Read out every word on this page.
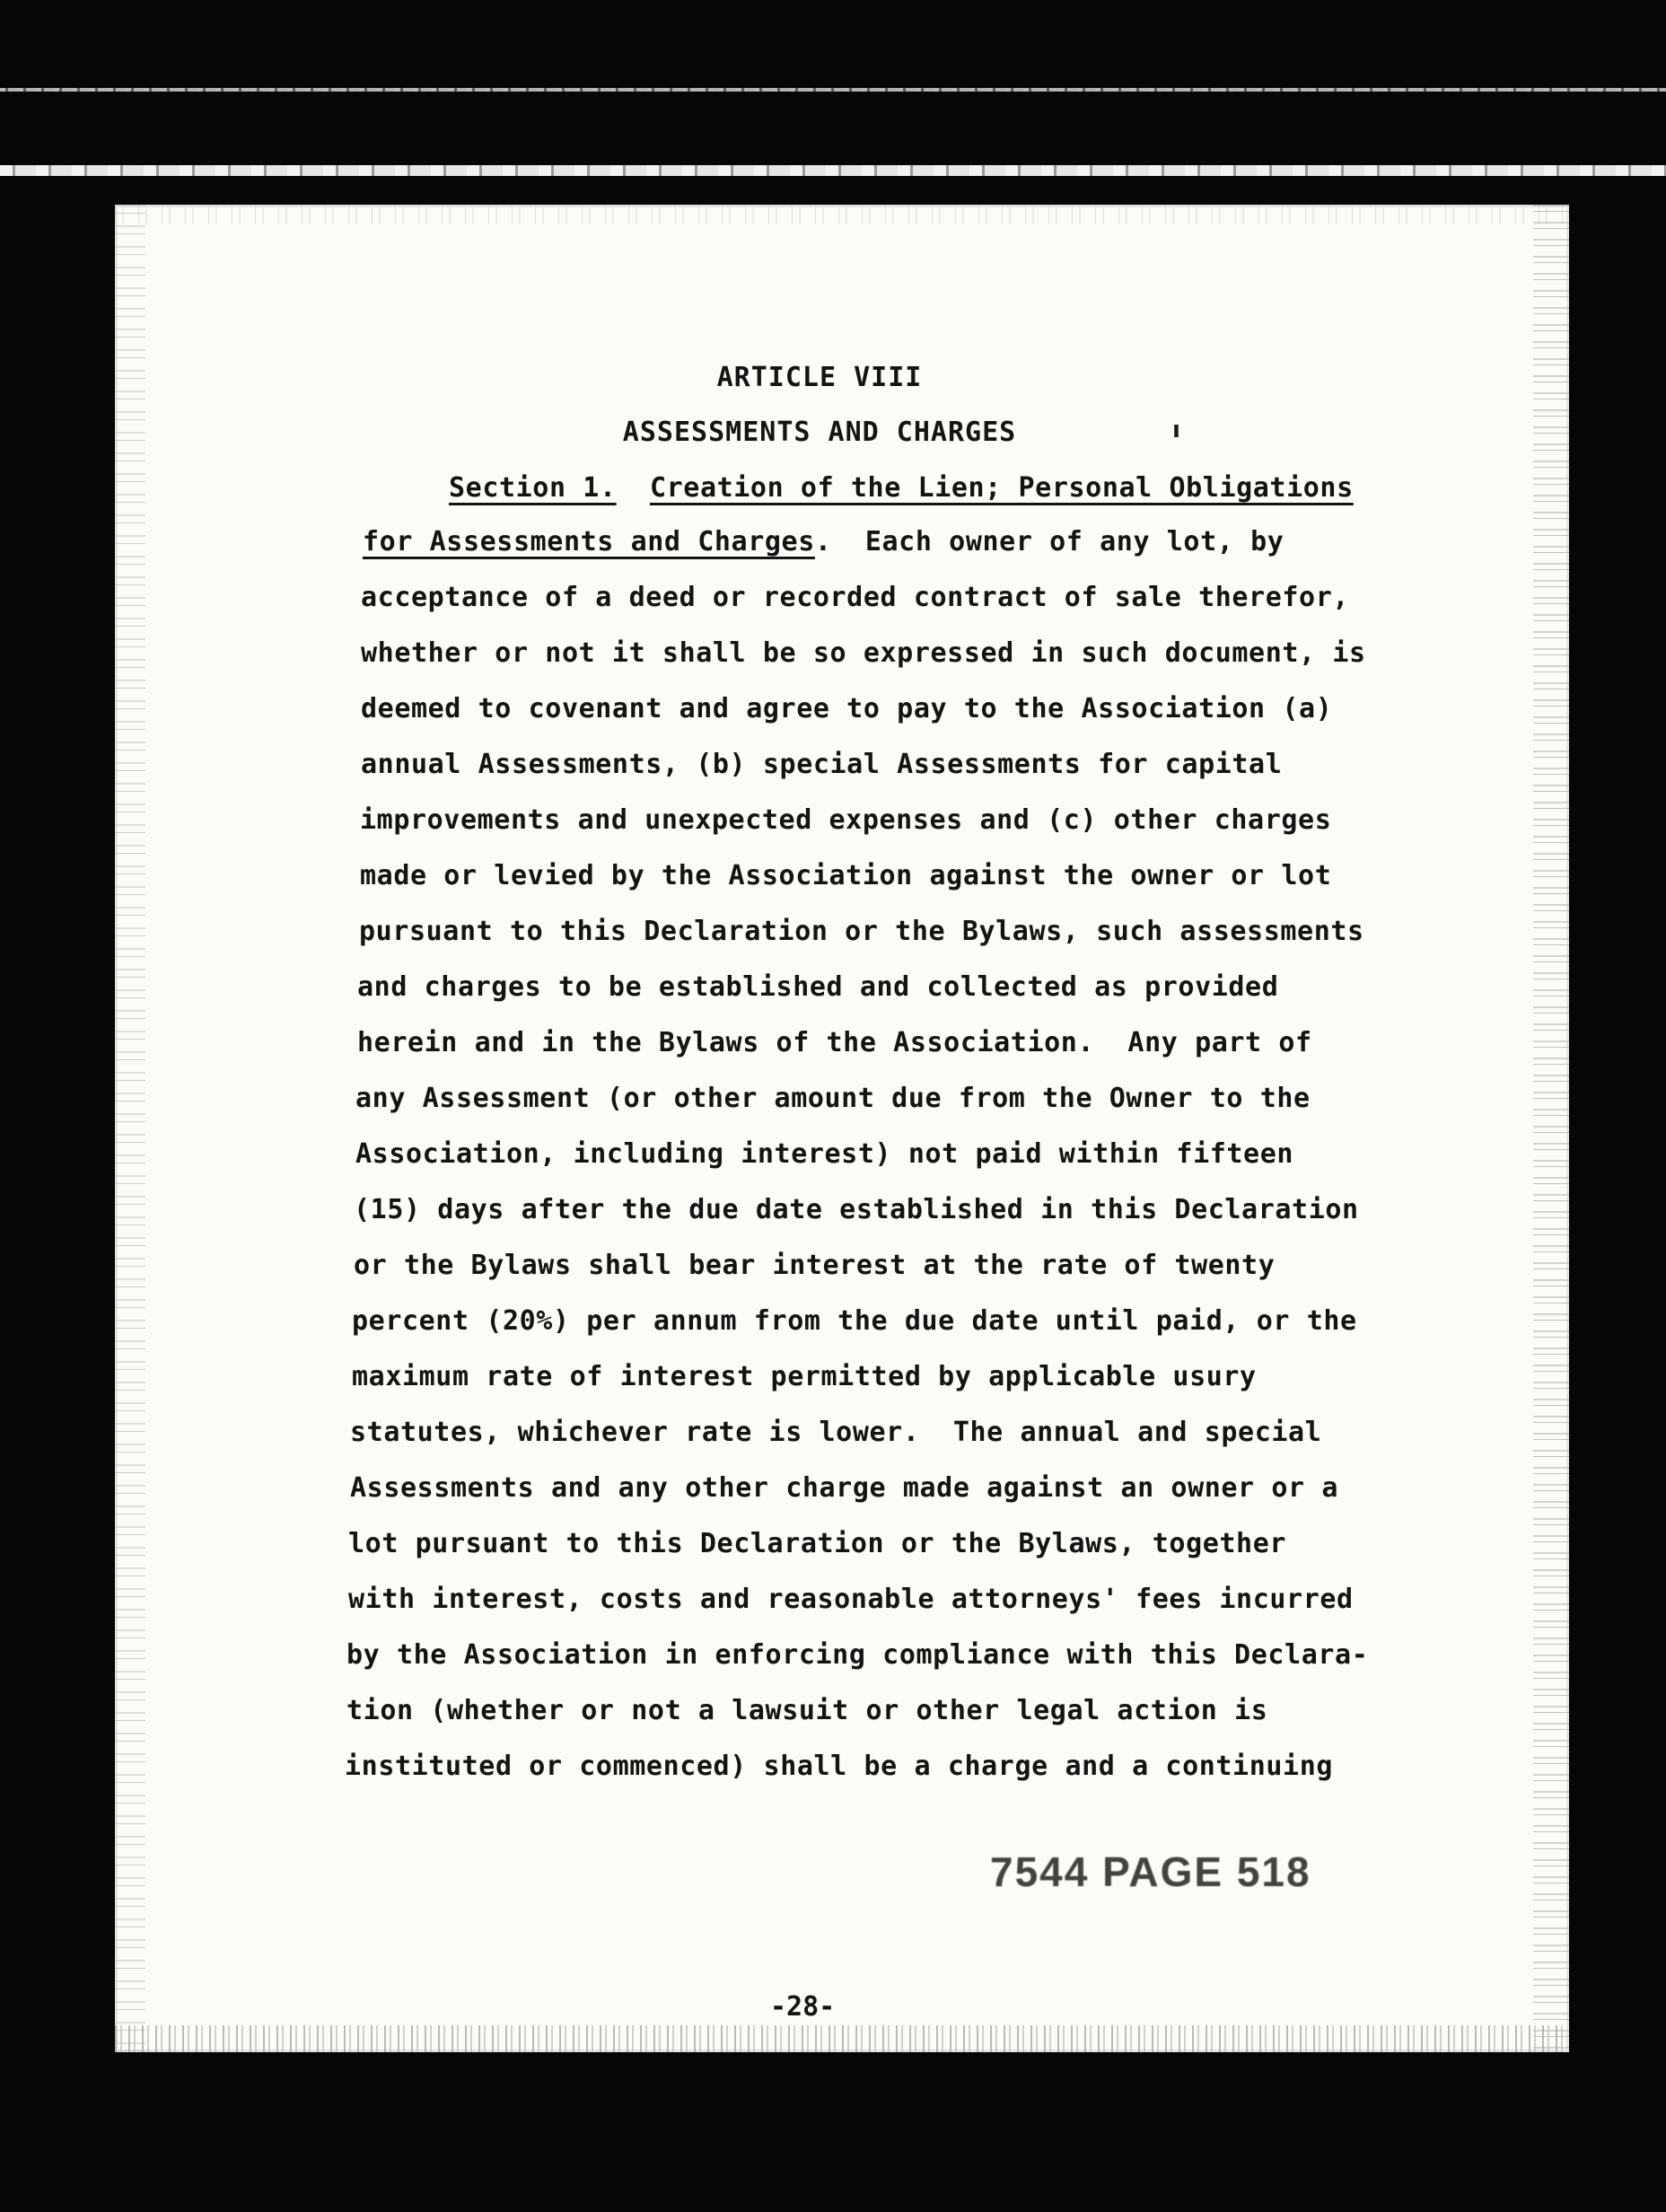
ARTICLE VIII
ASSESSMENTS AND CHARGES
Section 1. Creation of the Lien; Personal Obligations
for Assessments and Charges.  Each owner of any lot, by
acceptance of a deed or recorded contract of sale therefor,
whether or not it shall be so expressed in such document, is
deemed to covenant and agree to pay to the Association (a)
annual Assessments, (b) special Assessments for capital
improvements and unexpected expenses and (c) other charges
made or levied by the Association against the owner or lot
pursuant to this Declaration or the Bylaws, such assessments
and charges to be established and collected as provided
herein and in the Bylaws of the Association.  Any part of
any Assessment (or other amount due from the Owner to the
Association, including interest) not paid within fifteen
(15) days after the due date established in this Declaration
or the Bylaws shall bear interest at the rate of twenty
percent (20%) per annum from the due date until paid, or the
maximum rate of interest permitted by applicable usury
statutes, whichever rate is lower.  The annual and special
Assessments and any other charge made against an owner or a
lot pursuant to this Declaration or the Bylaws, together
with interest, costs and reasonable attorneys' fees incurred
by the Association in enforcing compliance with this Declara-
tion (whether or not a lawsuit or other legal action is
instituted or commenced) shall be a charge and a continuing
7544 PAGE 518
-28-
ı
